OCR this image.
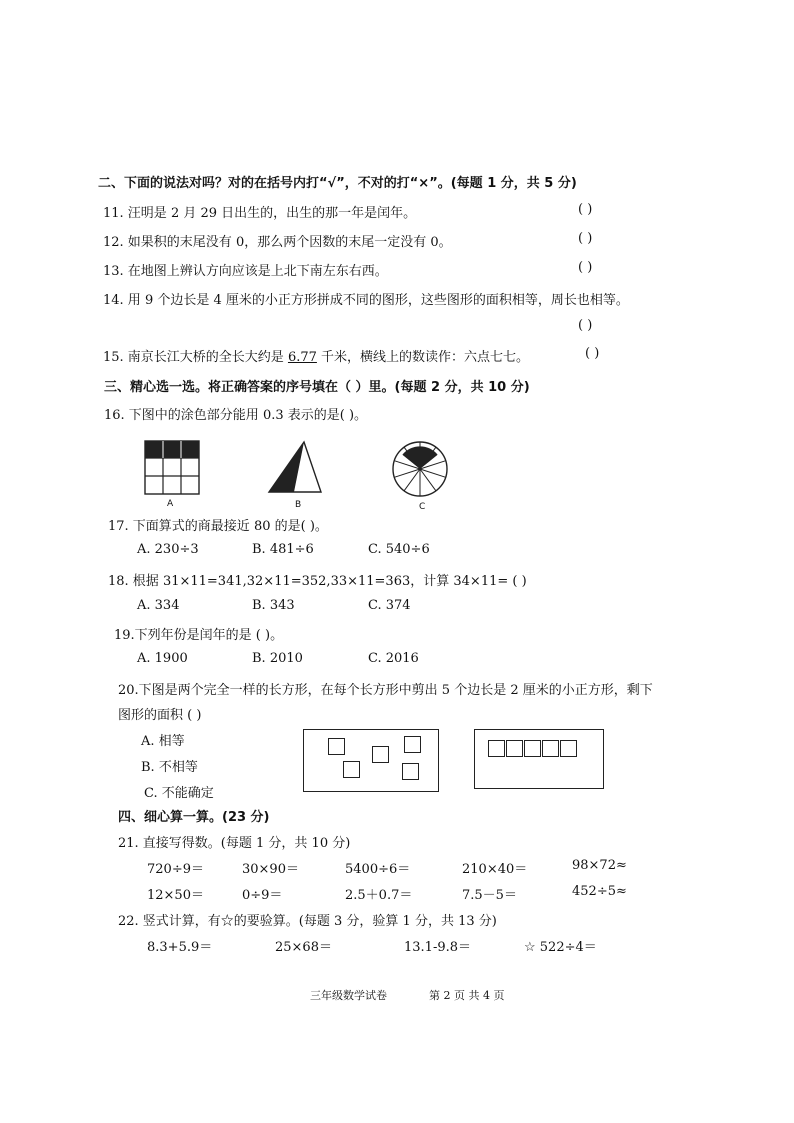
二、下面的说法对吗？对的在括号内打“√”，不对的打“×”。(每题 1 分，共 5 分)
11. 汪明是 2 月 29 日出生的，出生的那一年是闰年。	( )
12. 如果积的末尾没有 0，那么两个因数的末尾一定没有 0。	( )
13. 在地图上辨认方向应该是上北下南左东右西。	( )
14. 用 9 个边长是 4 厘米的小正方形拼成不同的图形，这些图形的面积相等，周长也相等。
( )
15. 南京长江大桥的全长大约是 6.77 千米，横线上的数读作：六点七七。	( )
三、精心选一选。将正确答案的序号填在（ ）里。(每题 2 分，共 10 分)
16. 下图中的涂色部分能用 0.3 表示的是( )。
A	B	C
17. 下面算式的商最接近 80 的是( )。
A. 230÷3	B. 481÷6	C. 540÷6
18. 根据 31×11=341,32×11=352,33×11=363，计算 34×11= ( )
A. 334	B. 343	C. 374
19.下列年份是闰年的是 ( )。
A. 1900	B. 2010	C. 2016
20.下图是两个完全一样的长方形，在每个长方形中剪出 5 个边长是 2 厘米的小正方形，剩下
图形的面积 ( )
A. 相等
B. 不相等
C. 不能确定
四、细心算一算。(23 分)
21. 直接写得数。(每题 1 分，共 10 分)
720÷9＝	30×90＝	5400÷6＝	210×40＝	98×72≈
12×50＝	0÷9＝	2.5＋0.7＝	7.5－5＝	452÷5≈
22. 竖式计算，有☆的要验算。(每题 3 分，验算 1 分，共 13 分)
8.3+5.9＝	25×68＝	13.1-9.8＝	☆ 522÷4＝
三年级数学试卷	第 2 页 共 4 页
